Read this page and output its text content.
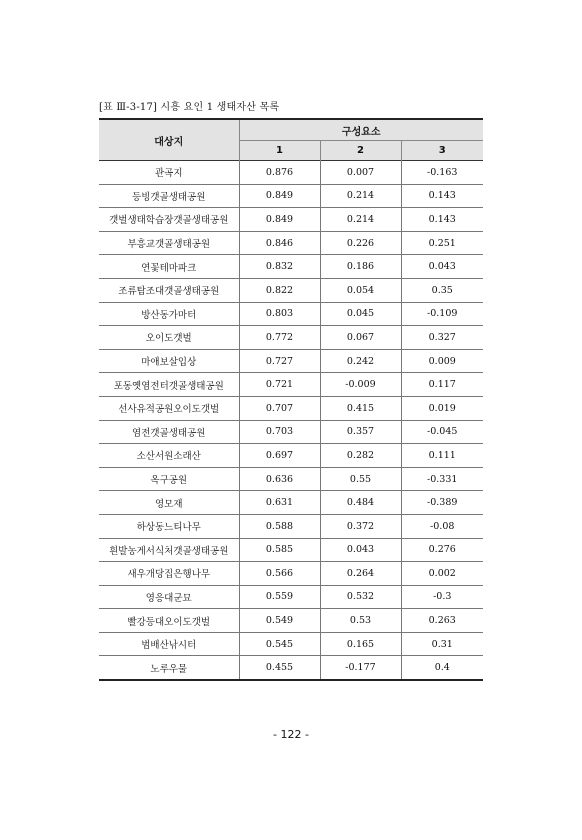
[표 Ⅲ-3-17] 시흥 요인 1 생태자산 목록
대상지	구성요소		
	1	2	3
관곡지	0.876	0.007	-0.163
등빙갯골생태공원	0.849	0.214	0.143
갯벌생태학습장갯골생태공원	0.849	0.214	0.143
부흥교갯골생태공원	0.846	0.226	0.251
연꽃테마파크	0.832	0.186	0.043
조류탐조대갯골생태공원	0.822	0.054	0.35
방산동가마터	0.803	0.045	-0.109
오이도갯벌	0.772	0.067	0.327
마애보살입상	0.727	0.242	0.009
포동옛염전터갯골생태공원	0.721	-0.009	0.117
선사유적공원오이도갯벌	0.707	0.415	0.019
염전갯골생태공원	0.703	0.357	-0.045
소산서원소래산	0.697	0.282	0.111
옥구공원	0.636	0.55	-0.331
영모재	0.631	0.484	-0.389
하상동느티나무	0.588	0.372	-0.08
흰발농게서식처갯골생태공원	0.585	0.043	0.276
새우개당집은행나무	0.566	0.264	0.002
영응대군묘	0.559	0.532	-0.3
빨강등대오이도갯벌	0.549	0.53	0.263
범배산낚시터	0.545	0.165	0.31
노루우물	0.455	-0.177	0.4
- 122 -
